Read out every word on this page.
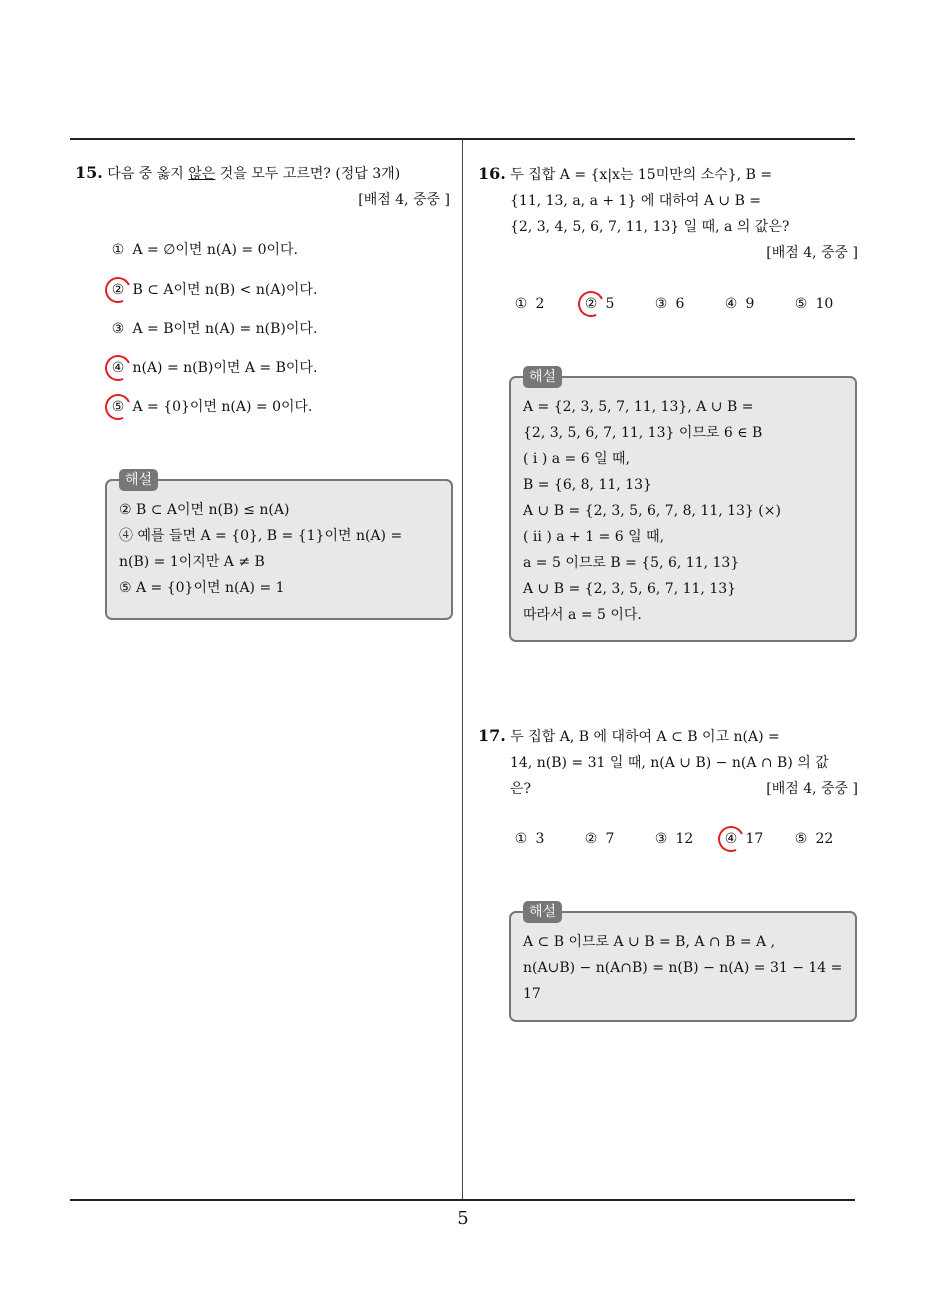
15. 다음 중 옳지 않은 것을 모두 고르면? (정답 3개)
[배점 4, 중중 ]
①
A = ∅이면 n(A) = 0이다.
②
B ⊂ A이면 n(B) < n(A)이다.
③
A = B이면 n(A) = n(B)이다.
④
n(A) = n(B)이면 A = B이다.
⑤
A = {0}이면 n(A) = 0이다.
해설
② B ⊂ A이면 n(B) ≤ n(A)
④ 예를 들면 A = {0}, B = {1}이면 n(A) =
n(B) = 1이지만 A ≠ B
⑤ A = {0}이면 n(A) = 1
16. 두 집합 A = {x|x는 15미만의 소수}, B =
{11, 13, a, a + 1} 에 대하여 A ∪ B =
{2, 3, 4, 5, 6, 7, 11, 13} 일 때, a 의 값은?
[배점 4, 중중 ]
①
2	②
5	③
6	④
9	⑤
10
해설
A = {2, 3, 5, 7, 11, 13}, A ∪ B =
{2, 3, 5, 6, 7, 11, 13} 이므로 6 ∈ B
( i ) a = 6 일 때,
B = {6, 8, 11, 13}
A ∪ B = {2, 3, 5, 6, 7, 8, 11, 13} (×)
( ii ) a + 1 = 6 일 때,
a = 5 이므로 B = {5, 6, 11, 13}
A ∪ B = {2, 3, 5, 6, 7, 11, 13}
따라서 a = 5 이다.
17. 두 집합 A, B 에 대하여 A ⊂ B 이고 n(A) =
14, n(B) = 31 일 때, n(A ∪ B) − n(A ∩ B) 의 값
은?	[배점 4, 중중 ]
①
3	②
7	③
12 ④
17 ⑤
22
해설
A ⊂ B 이므로 A ∪ B = B, A ∩ B = A ,
n(A∪B) − n(A∩B) = n(B) − n(A) = 31 − 14 =
17
5
